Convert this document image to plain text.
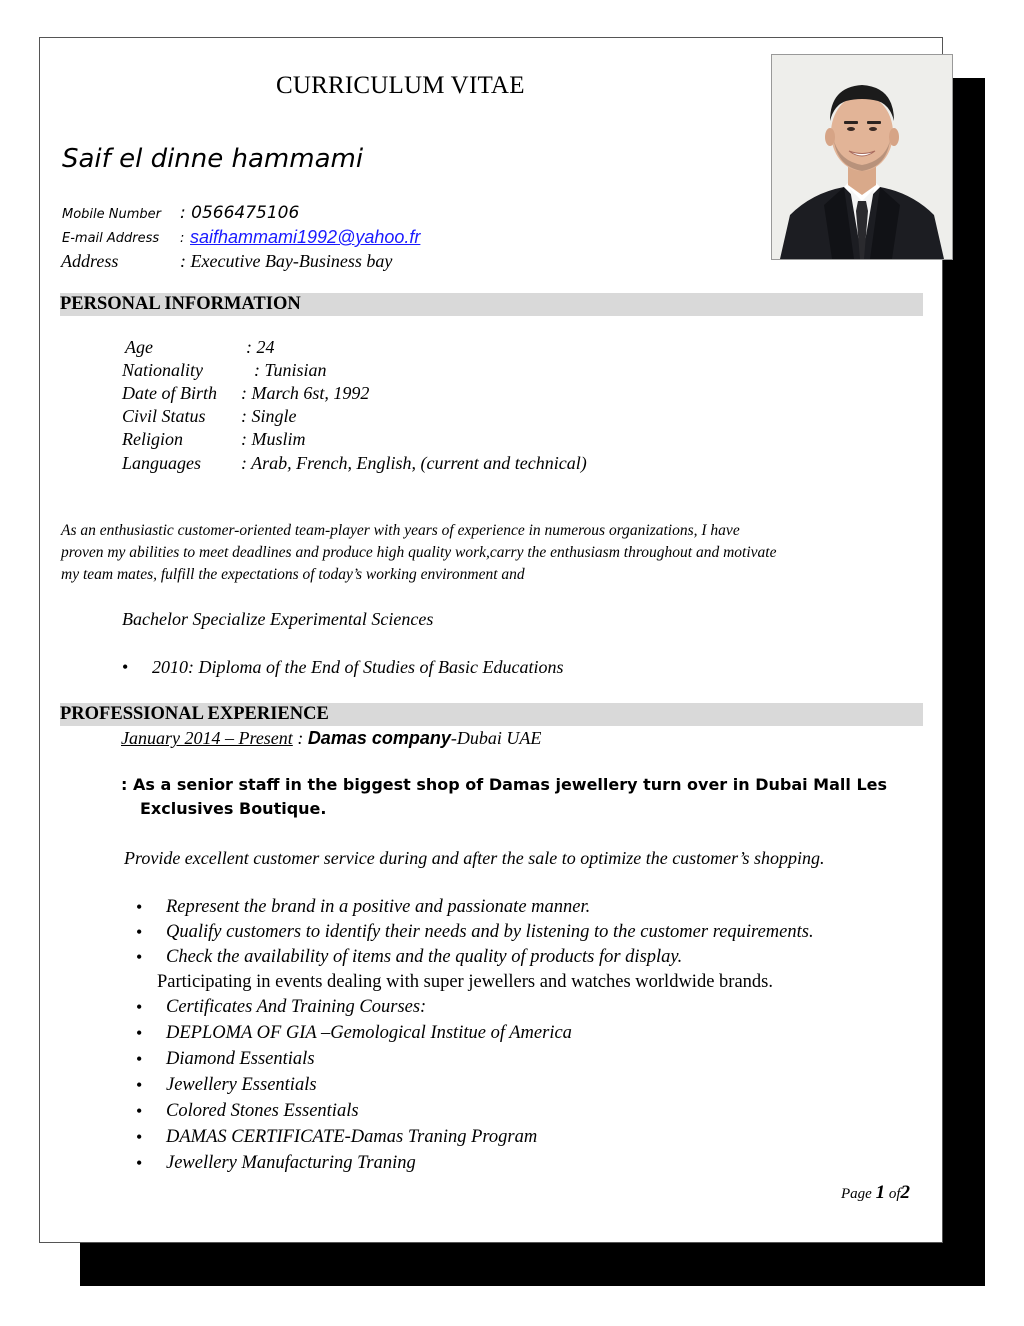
CURRICULUM VITAE
Saif el dinne hammami
Mobile Number : 0566475106
E-mail Address : saifhammami1992@yahoo.fr
Address	: Executive Bay-Business bay
PERSONAL INFORMATION
Age	: 24
Nationality	: Tunisian
Date of Birth : March 6st, 1992
Civil Status : Single
Religion	: Muslim
Languages : Arab, French, English, (current and technical)
As an enthusiastic customer-oriented team-player with years of experience in numerous organizations, I have
proven my abilities to meet deadlines and produce high quality work,carry the enthusiasm throughout and motivate
my team mates, fulfill the expectations of today’s working environment and
Bachelor Specialize Experimental Sciences
• 2010: Diploma of the End of Studies of Basic Educations
PROFESSIONAL EXPERIENCE
January 2014 – Present : Damas company-Dubai UAE
: As a senior staff in the biggest shop of Damas jewellery turn over in Dubai Mall Les
Exclusives Boutique.
Provide excellent customer service during and after the sale to optimize the customer’s shopping.
• Represent the brand in a positive and passionate manner.
• Qualify customers to identify their needs and by listening to the customer requirements.
• Check the availability of items and the quality of products for display.
Participating in events dealing with super jewellers and watches worldwide brands.
• Certificates And Training Courses:
• DEPLOMA OF GIA –Gemological Institue of America
• Diamond Essentials
• Jewellery Essentials
• Colored Stones Essentials
• DAMAS CERTIFICATE-Damas Traning Program
• Jewellery Manufacturing Traning
Page 1 of2
